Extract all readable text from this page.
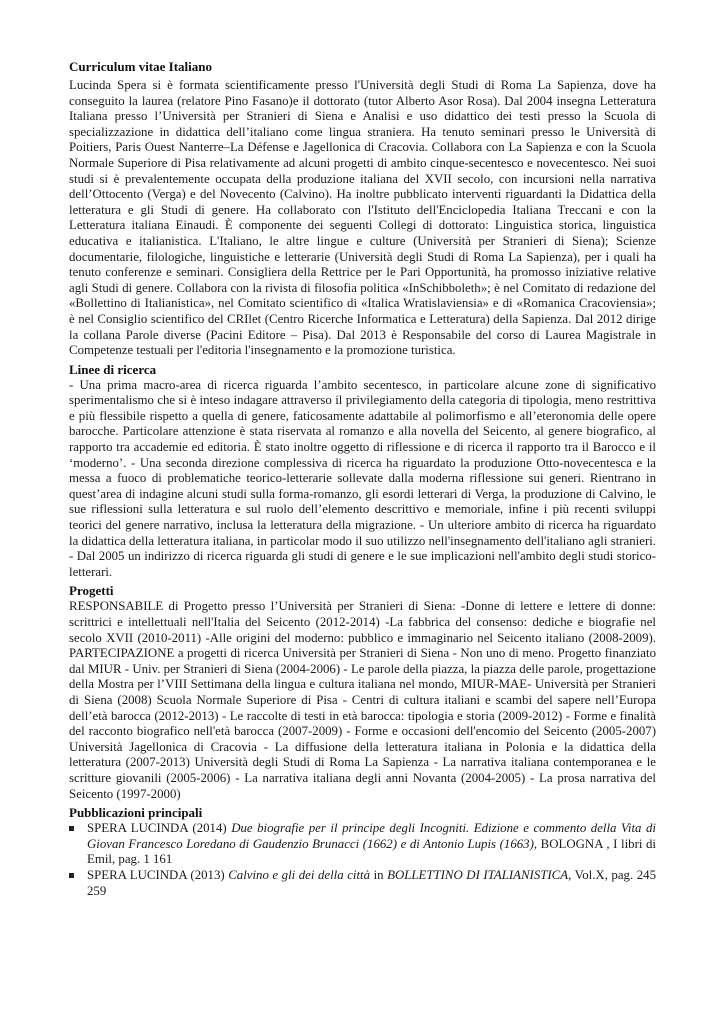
Curriculum vitae Italiano

Lucinda Spera si è formata scientificamente presso l'Università degli Studi di Roma La Sapienza, dove ha conseguito la laurea (relatore Pino Fasano)e il dottorato (tutor Alberto Asor Rosa). Dal 2004 insegna Letteratura Italiana presso l’Università per Stranieri di Siena e Analisi e uso didattico dei testi presso la Scuola di specializzazione in didattica dell’italiano come lingua straniera. Ha tenuto seminari presso le Università di Poitiers, Paris Ouest Nanterre–La Défense e Jagellonica di Cracovia. Collabora con La Sapienza e con la Scuola Normale Superiore di Pisa relativamente ad alcuni progetti di ambito cinque-secentesco e novecentesco. Nei suoi studi si è prevalentemente occupata della produzione italiana del XVII secolo, con incursioni nella narrativa dell’Ottocento (Verga) e del Novecento (Calvino). Ha inoltre pubblicato interventi riguardanti la Didattica della letteratura e gli Studi di genere. Ha collaborato con l'Istituto dell'Enciclopedia Italiana Treccani e con la Letteratura italiana Einaudi. È componente dei seguenti Collegi di dottorato: Linguistica storica, linguistica educativa e italianistica. L'Italiano, le altre lingue e culture (Università per Stranieri di Siena); Scienze documentarie, filologiche, linguistiche e letterarie (Università degli Studi di Roma La Sapienza), per i quali ha tenuto conferenze e seminari. Consigliera della Rettrice per le Pari Opportunità, ha promosso iniziative relative agli Studi di genere. Collabora con la rivista di filosofia politica «InSchibboleth»; è nel Comitato di redazione del «Bollettino di Italianistica», nel Comitato scientifico di «Italica Wratislaviensia» e di «Romanica Cracoviensia»; è nel Consiglio scientifico del CRIlet (Centro Ricerche Informatica e Letteratura) della Sapienza. Dal 2012 dirige la collana Parole diverse (Pacini Editore – Pisa). Dal 2013 è Responsabile del corso di Laurea Magistrale in Competenze testuali per l'editoria l'insegnamento e la promozione turistica.

Linee di ricerca

- Una prima macro-area di ricerca riguarda l’ambito secentesco, in particolare alcune zone di significativo sperimentalismo che si è inteso indagare attraverso il privilegiamento della categoria di tipologia, meno restrittiva e più flessibile rispetto a quella di genere, faticosamente adattabile al polimorfismo e all’eteronomia delle opere barocche. Particolare attenzione è stata riservata al romanzo e alla novella del Seicento, al genere biografico, al rapporto tra accademie ed editoria. È stato inoltre oggetto di riflessione e di ricerca il rapporto tra il Barocco e il ‘moderno’. - Una seconda direzione complessiva di ricerca ha riguardato la produzione Otto-novecentesca e la messa a fuoco di problematiche teorico-letterarie sollevate dalla moderna riflessione sui generi. Rientrano in quest’area di indagine alcuni studi sulla forma-romanzo, gli esordi letterari di Verga, la produzione di Calvino, le sue riflessioni sulla letteratura e sul ruolo dell’elemento descrittivo e memoriale, infine i più recenti sviluppi teorici del genere narrativo, inclusa la letteratura della migrazione. - Un ulteriore ambito di ricerca ha riguardato la didattica della letteratura italiana, in particolar modo il suo utilizzo nell'insegnamento dell'italiano agli stranieri. - Dal 2005 un indirizzo di ricerca riguarda gli studi di genere e le sue implicazioni nell'ambito degli studi storico-letterari.

Progetti

RESPONSABILE di Progetto presso l’Università per Stranieri di Siena: -Donne di lettere e lettere di donne: scrittrici e intellettuali nell'Italia del Seicento (2012-2014) -La fabbrica del consenso: dediche e biografie nel secolo XVII (2010-2011) -Alle origini del moderno: pubblico e immaginario nel Seicento italiano (2008-2009). PARTECIPAZIONE a progetti di ricerca Università per Stranieri di Siena - Non uno di meno. Progetto finanziato dal MIUR - Univ. per Stranieri di Siena (2004-2006) - Le parole della piazza, la piazza delle parole, progettazione della Mostra per l’VIII Settimana della lingua e cultura italiana nel mondo, MIUR-MAE- Università per Stranieri di Siena (2008) Scuola Normale Superiore di Pisa - Centri di cultura italiani e scambi del sapere nell’Europa dell’età barocca (2012-2013) - Le raccolte di testi in età barocca: tipologia e storia (2009-2012) - Forme e finalità del racconto biografico nell'età barocca (2007-2009) - Forme e occasioni dell'encomio del Seicento (2005-2007) Università Jagellonica di Cracovia - La diffusione della letteratura italiana in Polonia e la didattica della letteratura (2007-2013) Università degli Studi di Roma La Sapienza - La narrativa italiana contemporanea e le scritture giovanili (2005-2006) - La narrativa italiana degli anni Novanta (2004-2005) - La prosa narrativa del Seicento (1997-2000)

Pubblicazioni principali

SPERA LUCINDA (2014) Due biografie per il principe degli Incogniti. Edizione e commento della Vita di Giovan Francesco Loredano di Gaudenzio Brunacci (1662) e di Antonio Lupis (1663), BOLOGNA , I libri di Emil, pag. 1 161

SPERA LUCINDA (2013) Calvino e gli dei della città in BOLLETTINO DI ITALIANISTICA, Vol.X, pag. 245 259
